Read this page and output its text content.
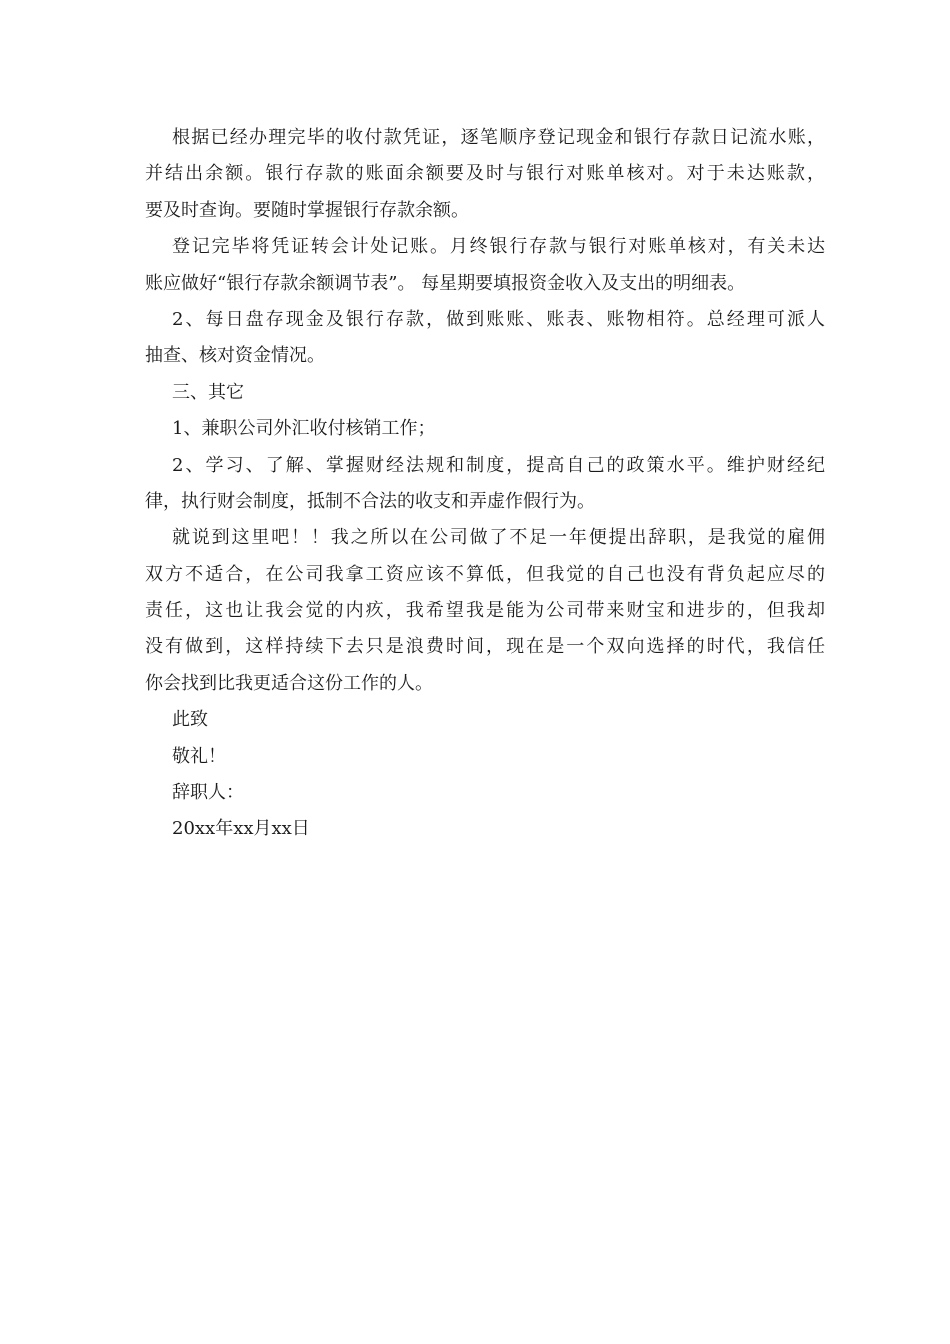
根据已经办理完毕的收付款凭证，逐笔顺序登记现金和银行存款日记流水账，
并结出余额。银行存款的账面余额要及时与银行对账单核对。对于未达账款，
要及时查询。要随时掌握银行存款余额。
登记完毕将凭证转会计处记账。月终银行存款与银行对账单核对，有关未达
账应做好“银行存款余额调节表”。 每星期要填报资金收入及支出的明细表。
2、每日盘存现金及银行存款，做到账账、账表、账物相符。总经理可派人
抽查、核对资金情况。
三、其它
1、兼职公司外汇收付核销工作；
2、学习、了解、掌握财经法规和制度，提高自己的政策水平。维护财经纪
律，执行财会制度，抵制不合法的收支和弄虚作假行为。
就说到这里吧！！我之所以在公司做了不足一年便提出辞职，是我觉的雇佣
双方不适合，在公司我拿工资应该不算低，但我觉的自己也没有背负起应尽的
责任，这也让我会觉的内疚，我希望我是能为公司带来财宝和进步的，但我却
没有做到，这样持续下去只是浪费时间，现在是一个双向选择的时代，我信任
你会找到比我更适合这份工作的人。
此致
敬礼！
辞职人：
20xx年xx月xx日
